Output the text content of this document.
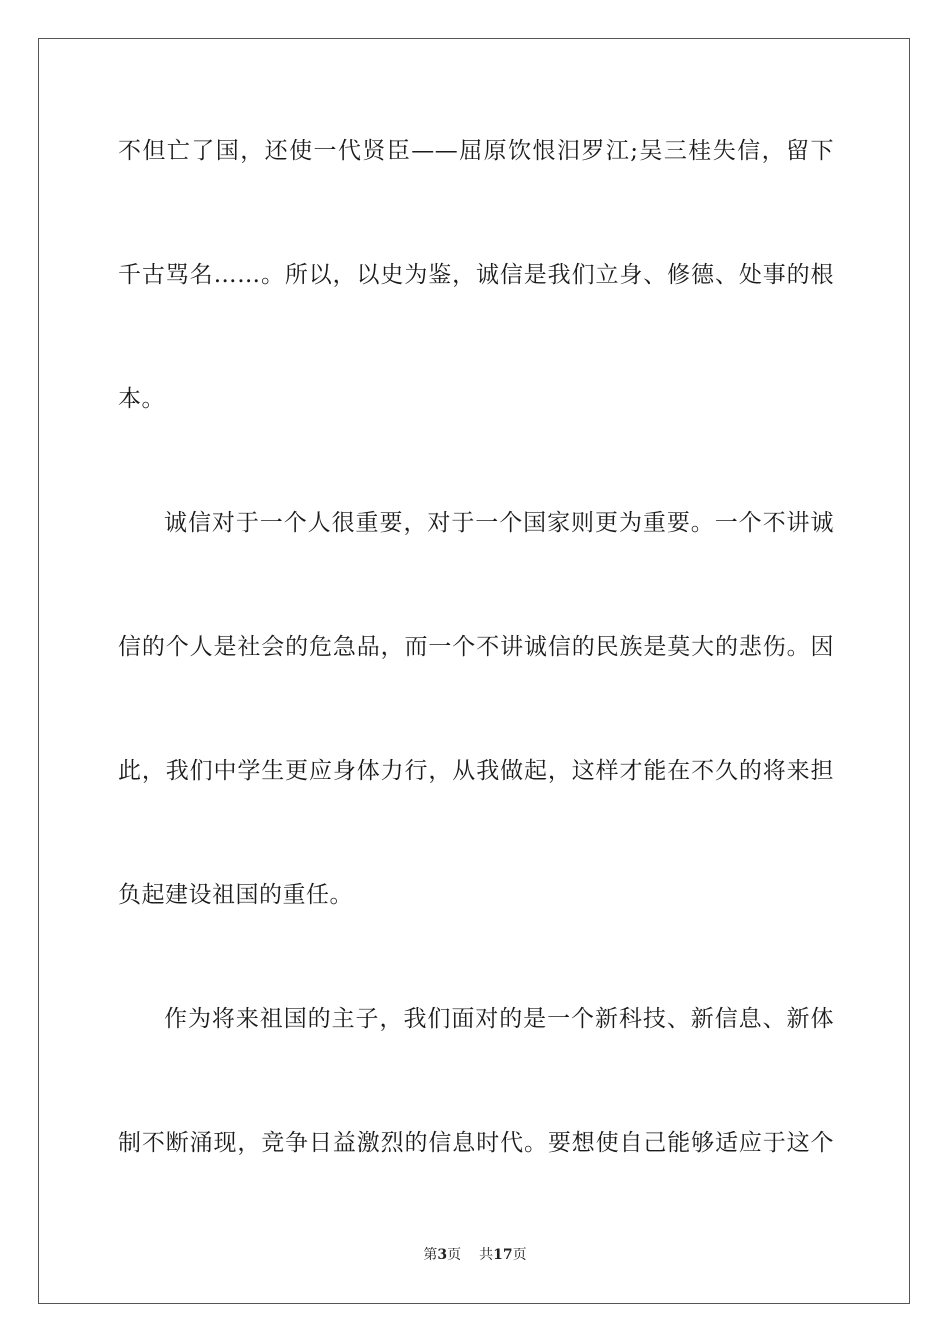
不但亡了国，还使一代贤臣——屈原饮恨汨罗江;吴三桂失信，留下
千古骂名……。所以，以史为鉴，诚信是我们立身、修德、处事的根
本。
诚信对于一个人很重要，对于一个国家则更为重要。一个不讲诚
信的个人是社会的危急品，而一个不讲诚信的民族是莫大的悲伤。因
此，我们中学生更应身体力行，从我做起，这样才能在不久的将来担
负起建设祖国的重任。
作为将来祖国的主子，我们面对的是一个新科技、新信息、新体
制不断涌现，竞争日益激烈的信息时代。要想使自己能够适应于这个
第3页 共17页
